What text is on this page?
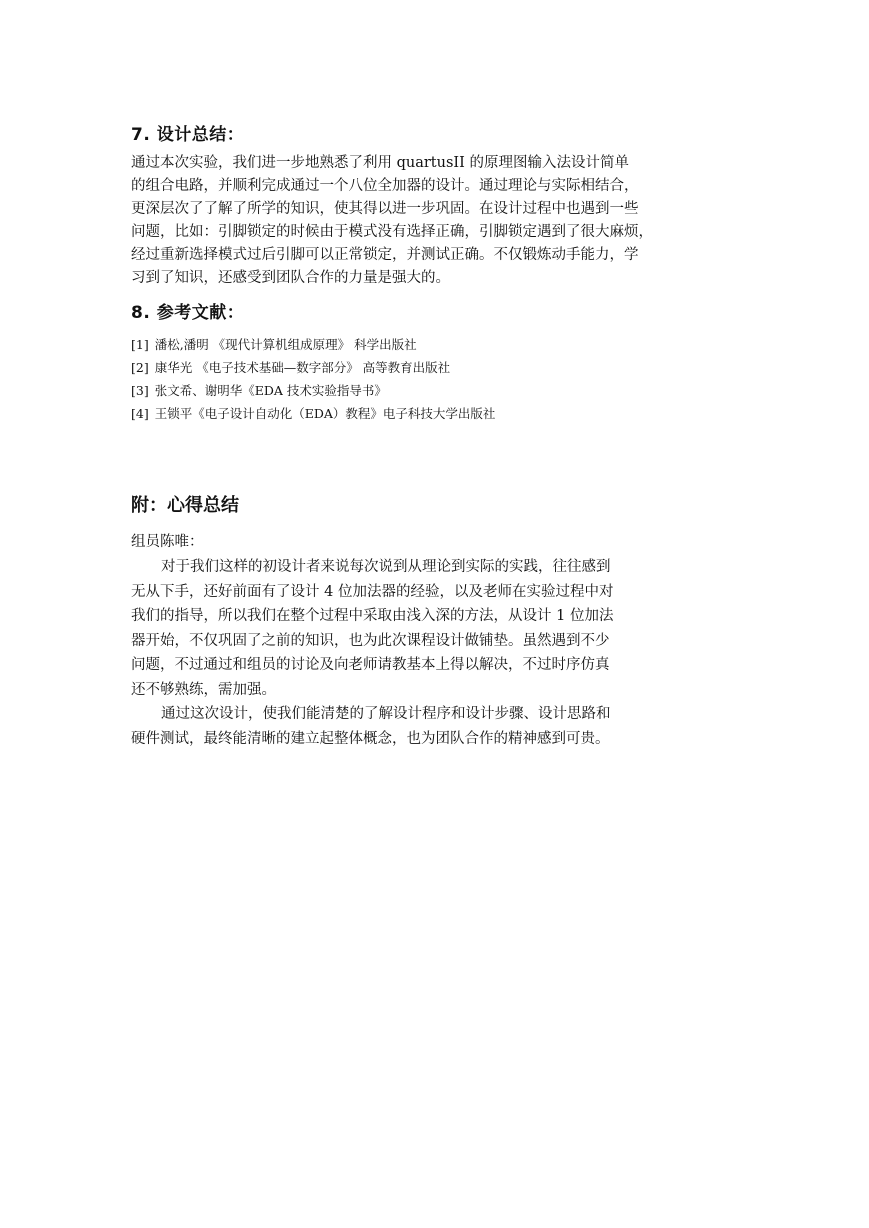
7. 设计总结：
通过本次实验，我们进一步地熟悉了利用 quartusII 的原理图输入法设计简单
的组合电路，并顺利完成通过一个八位全加器的设计。通过理论与实际相结合，
更深层次了了解了所学的知识，使其得以进一步巩固。在设计过程中也遇到一些
问题，比如：引脚锁定的时候由于模式没有选择正确，引脚锁定遇到了很大麻烦，
经过重新选择模式过后引脚可以正常锁定，并测试正确。不仅锻炼动手能力，学
习到了知识，还感受到团队合作的力量是强大的。
8. 参考文献：
[1] 潘松,潘明 《现代计算机组成原理》 科学出版社
[2] 康华光 《电子技术基础—数字部分》 高等教育出版社
[3] 张文希、谢明华《EDA 技术实验指导书》
[4] 王锁平《电子设计自动化（EDA）教程》电子科技大学出版社
附：心得总结
组员陈唯：
对于我们这样的初设计者来说每次说到从理论到实际的实践，往往感到
无从下手，还好前面有了设计 4 位加法器的经验，以及老师在实验过程中对
我们的指导，所以我们在整个过程中采取由浅入深的方法，从设计 1 位加法
器开始，不仅巩固了之前的知识，也为此次课程设计做铺垫。虽然遇到不少
问题，不过通过和组员的讨论及向老师请教基本上得以解决，不过时序仿真
还不够熟练，需加强。
通过这次设计，使我们能清楚的了解设计程序和设计步骤、设计思路和
硬件测试，最终能清晰的建立起整体概念，也为团队合作的精神感到可贵。
